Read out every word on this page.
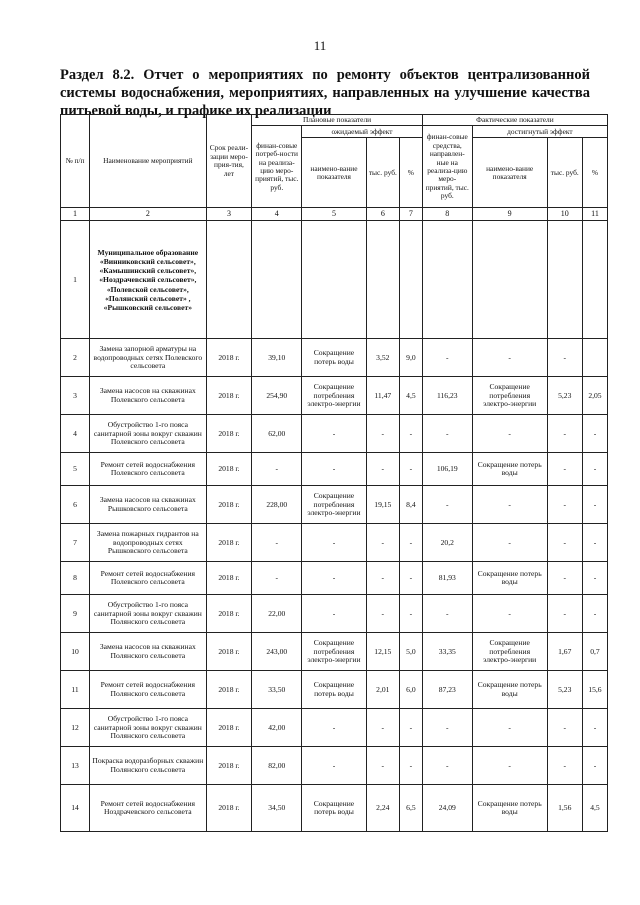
11
Раздел 8.2. Отчет о мероприятиях по ремонту объектов централизованной системы водоснабжения, мероприятиях, направленных на улучшение качества питьевой воды, и графике их реализации
№ п/п	Наименование мероприятий	Срок реали-зации меро-прия-тия, лет	Плановые показатели				Фактические показатели			
			финан-совые потреб-ности на реализа-цию меро-приятий, тыс. руб.	ожидаемый эффект			финан-совые средства, направлен-ные на реализа-цию меро-приятий, тыс. руб.	достигнутый эффект		
				наимено-вание показателя	тыс. руб.	%		наимено-вание показателя	тыс. руб.	%
1	2	3	4	5	6	7	8	9	10	11
1	Муниципальное образование «Винниковский сельсовет», «Камышинский сельсовет», «Ноздрачевский сельсовет», «Полевской сельсовет», «Полянский сельсовет» , «Рышковский сельсовет»									
2	Замена запорной арматуры на водопроводных сетях Полевского сельсовета	2018 г.	39,10	Сокращение потерь воды	3,52	9,0	-	-	-	
3	Замена насосов на скважинах Полевского сельсовета	2018 г.	254,90	Сокращение потребления электро-энергии	11,47	4,5	116,23	Сокращение потребления электро-энергии	5,23	2,05
4	Обустройство 1-го пояса санитарной зоны вокруг скважин Полевского сельсовета	2018 г.	62,00	-	-	-	-	-	-	-
5	Ремонт сетей водоснабжения Полевского сельсовета	2018 г.	-	-	-	-	106,19	Сокращение потерь воды	-	-
6	Замена насосов на скважинах Рышковского сельсовета	2018 г.	228,00	Сокращение потребления электро-энергии	19,15	8,4	-	-	-	-
7	Замена пожарных гидрантов на водопроводных сетях Рышковского сельсовета	2018 г.	-	-	-	-	20,2	-	-	-
8	Ремонт сетей водоснабжения Полевского сельсовета	2018 г.	-	-	-	-	81,93	Сокращение потерь воды	-	-
9	Обустройство 1-го пояса санитарной зоны вокруг скважин Полянского сельсовета	2018 г.	22,00	-	-	-	-	-	-	-
10	Замена насосов на скважинах Полянского сельсовета	2018 г.	243,00	Сокращение потребления электро-энергии	12,15	5,0	33,35	Сокращение потребления электро-энергии	1,67	0,7
11	Ремонт сетей водоснабжения Полянского сельсовета	2018 г.	33,50	Сокращение потерь воды	2,01	6,0	87,23	Сокращение потерь воды	5,23	15,6
12	Обустройство 1-го пояса санитарной зоны вокруг скважин Полянского сельсовета	2018 г.	42,00	-	-	-	-	-	-	-
13	Покраска водоразборных скважин Полянского сельсовета	2018 г.	82,00	-	-	-	-	-	-	-
14	Ремонт сетей водоснабжения Ноздрачевского сельсовета	2018 г.	34,50	Сокращение потерь воды	2,24	6,5	24,09	Сокращение потерь воды	1,56	4,5
